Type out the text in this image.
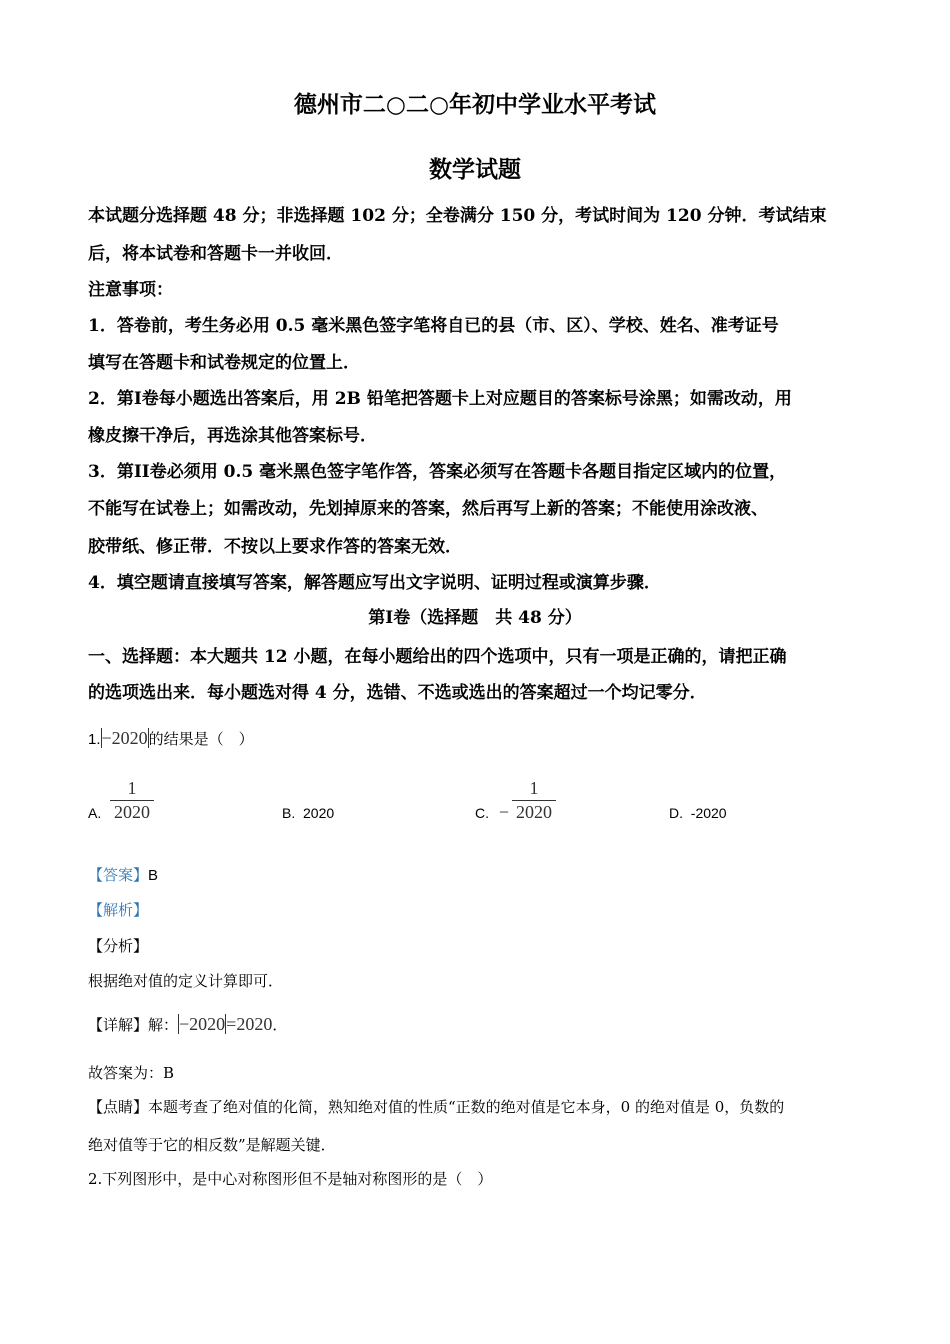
德州市二○二○年初中学业水平考试
数学试题
本试题分选择题 48 分；非选择题 102 分；全卷满分 150 分，考试时间为 120 分钟．考试结束
后，将本试卷和答题卡一并收回．
注意事项：
1．答卷前，考生务必用 0.5 毫米黑色签字笔将自已的县（市、区）、学校、姓名、准考证号
填写在答题卡和试卷规定的位置上．
2．第I卷每小题选出答案后，用 2B 铅笔把答题卡上对应题目的答案标号涂黑；如需改动，用
橡皮擦干净后，再选涂其他答案标号．
3．第II卷必须用 0.5 毫米黑色签字笔作答，答案必须写在答题卡各题目指定区域内的位置，
不能写在试卷上；如需改动，先划掉原来的答案，然后再写上新的答案；不能使用涂改液、
胶带纸、修正带．不按以上要求作答的答案无效．
4．填空题请直接填写答案，解答题应写出文字说明、证明过程或演算步骤．
第Ⅰ卷（选择题　共 48 分）
一、选择题：本大题共 12 小题，在每小题给出的四个选项中，只有一项是正确的，请把正确
的选项选出来．每小题选对得 4 分，选错、不选或选出的答案超过一个均记零分．
1.−2020的结果是（　）
A.
1
2020	B. 2020	C. −
1
2020	D. -2020
【答案】B
【解析】
【分析】
根据绝对值的定义计算即可．
【详解】解：−2020=2020．
故答案为：B
【点睛】本题考查了绝对值的化简，熟知绝对值的性质“正数的绝对值是它本身，0 的绝对值是 0，负数的
绝对值等于它的相反数”是解题关键．
2.下列图形中，是中心对称图形但不是轴对称图形的是（　）
